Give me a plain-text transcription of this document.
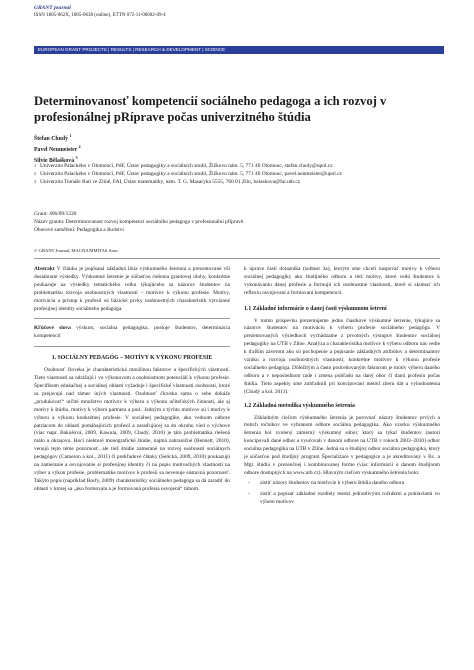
GRANT journal
ISSN 1805-062X, 1805-0638 (online), ETTN 072-11-00002-09-4
EUROPEAN GRANT PROJECTS | RESULTS | RESEARCH & DEVELOPMENT | SCIENCE
Determinovanosť kompetencií sociálneho pedagoga a ich rozvoj v profesionálnej pRíprave počas univerzitného štúdia
Štefan Chudý $^1$
Pavel Neumeister $^2$
Silvie Bělašková $^3$
1 Univerzita Palackého v Olomouci, PdF, Ústav pedagogiky a sociálních studií, Žižkovo nám. 5, 771 40 Olomouc, stefan.chudy@upol.cz
2 Univerzita Palackého v Olomouci, PdF, Ústav pedagogiky a sociálních studií, Žižkovo nám. 5, 771 40 Olomouc, pavel.neumeister@upol.cz
3 Univerzita Tomáše Bati ve Zlíně, FAI, Ústav matematiky, nám. T. G. Masaryka 5555, 760 01 Zlín, belaskova@fai.utb.cz
Grant: 406/09/1220
Název grantu: Determinovanost rozvoj kompetencí sociálního pedagoga v profesionální přípravě.
Oborové zaměření: Pedagogika a školství
© GRANT Journal, MAGNANIMITAS Assn.

Abstrakt V článku je popísaná základná línia výskumného šetrenia a prezentované vší dosiahnuté výsledky. Výskumné šetrenie je súčasťou riešenia grantovej úlohy, konkrétne poukazuje na výsledky tematického celku týkajúceho sa názorov študentov na problematiku rozvoja osobnostných vlastností – motivov k výkonu profesie. Motívy, motivácia a prístup k profesii sú bázické prvky osobnostných charakteristík vytvárané profesijnej identity sociálneho pedagóga.

Kľúčové slova výskum, sociálna pedagogika, postoje študentov, determinácia kompetencií

1. SOCIÁLNY PEDAGÓG – MOTÍVY K VÝKONU PROFESIE

Osobnosť človeka je charakteristická množinou faktorov a špecifických vlastností. Tieto vlastnosti sa odrážajú i vo výkonovom a osobnostnom potenciáli k výkonu profesie. Špecifikum edukačnej a sociálnej oblasti vyžaduje i špecifické vlastnosti osobnosti, ktoré sa prejavujú nad rámec iných vlastností. Osobnosť človeka sama o sebe dokáže „produkovať“ určité množstvo motívov k výberu a výkonu učiteľských činností, ale aj motívy k štúdiu, motívy k výberu partnera a pod.. Jedným z týchto motívov sú i motívy k výberu a výkonu konkrétnej profesie. V sociálnej pedagogike, ako vednom odbore patriacom do oblasti pomáhajúcich profesií a zaraďujúcej sa do okruhu vied o výchove (viac napr. Bakošová, 2009, Kawula, 2009, Chudý, 2010) je táto problematika riešená málo a okrajovo. Hoci niektoré monografické štúdie, najmä zahraničné (Bennett, 2010), venujú tejto téme pozornosť, ale tiež štúdie zamerané na rozvoj osobnosti sociálnych pedagógov (Cameron a kol., 2011) či prehľadové články (Selická, 2009, 2010) poukazujú na zameranie a osvojovanie si profesijnej identity či na popis motivačných vlastností na výber a výkon profesie, problematike motívov k profesii sa nevenuje sústavná pozornosť. Takýto popis (napríklad Boďy, 2009) charakteristiky sociálneho pedagóga sa dá zaradiť do oblasti v ktorej sa „ako formovala a je formovaná profesia osvojená“ tímom.

k úprave častí dotazníka (subtest 3a), ktorým sme chceli naspovať motívy k výberu sociálnej pedagogiky ako študijného odboru a tiež motívy, ktoré vedú študentov k vykonávaniu danej profesie a formujú ich osobnostné vlastnosti, ktoré si skúmať ich reflexiu osvojovaní a formovaní kompetencií.

1.1 Základné informácie o danej časti výskumnom šetrení

V tomto príspevku prezentujeme jedno čiastkové výskumné šetrenie, týkajúce sa názorov študentov na motiváciu k výberu profesie sociálneho pedagóga. V prezentovaných výsledkoch vychádzame z prvotných výstupov študentov sociálnej pedagogiky na UTB v Zlíne. Analýza a charakteristika motívov k výberu odboru nás vedie k ďalším záverom ako sú pochopenie a popisanie základných atribútov a determinantov vzniku a rozvoja osobnostných vlastností, konkrétne motívov k výkonu profesie sociálneho pedagóga. Dôležitým a často podceňovaným faktorom je motív výberu daného odboru a v neposlednom rade i zmena pohľadu na daný obor či danú profesiu počas štúdia. Tieto aspekty sme zohľadnili pri koncipovaní metód zberu dát a vyhodnotenia (Chudý a kol. 2011).

1.2 Základná metodika výskumného šetrenia

Základným cieľom výskumného šetrenia je porovnať názory študentov prvých a tretích ročníkov ve vybranom odbore sociálna pedagogika. Ako vzorku výskumného šetrenia bol zvolený zámerný výskumný súbor, ktorý sa týkal študentov (autori koncipovali dané odbor a vyučovali v danom odbore na UTB v rokoch 2003–2010) odbor sociálna pedagogika na UTB v Zlíne. Jedná sa o študijný odbor sociálna pedagogika, ktorý je súčasťou pod študijný program Špecializace v pedagogice a je akreditovaný v Bc. a Mgr. štúdiu v prezenčnej i kombinovanej forme (viac informácii o danom študijnom odbore dostupných na www.utb.cz). Hlavným cieľom výskumného šetrenia bolo:

-	zistiť názory študentov na motívcie k výberu štúdia daného odboru

-	zistiť a popísať základné rozdiely medzi jednotlivými ročníkmi a pohlaviami vo výbere motívov
